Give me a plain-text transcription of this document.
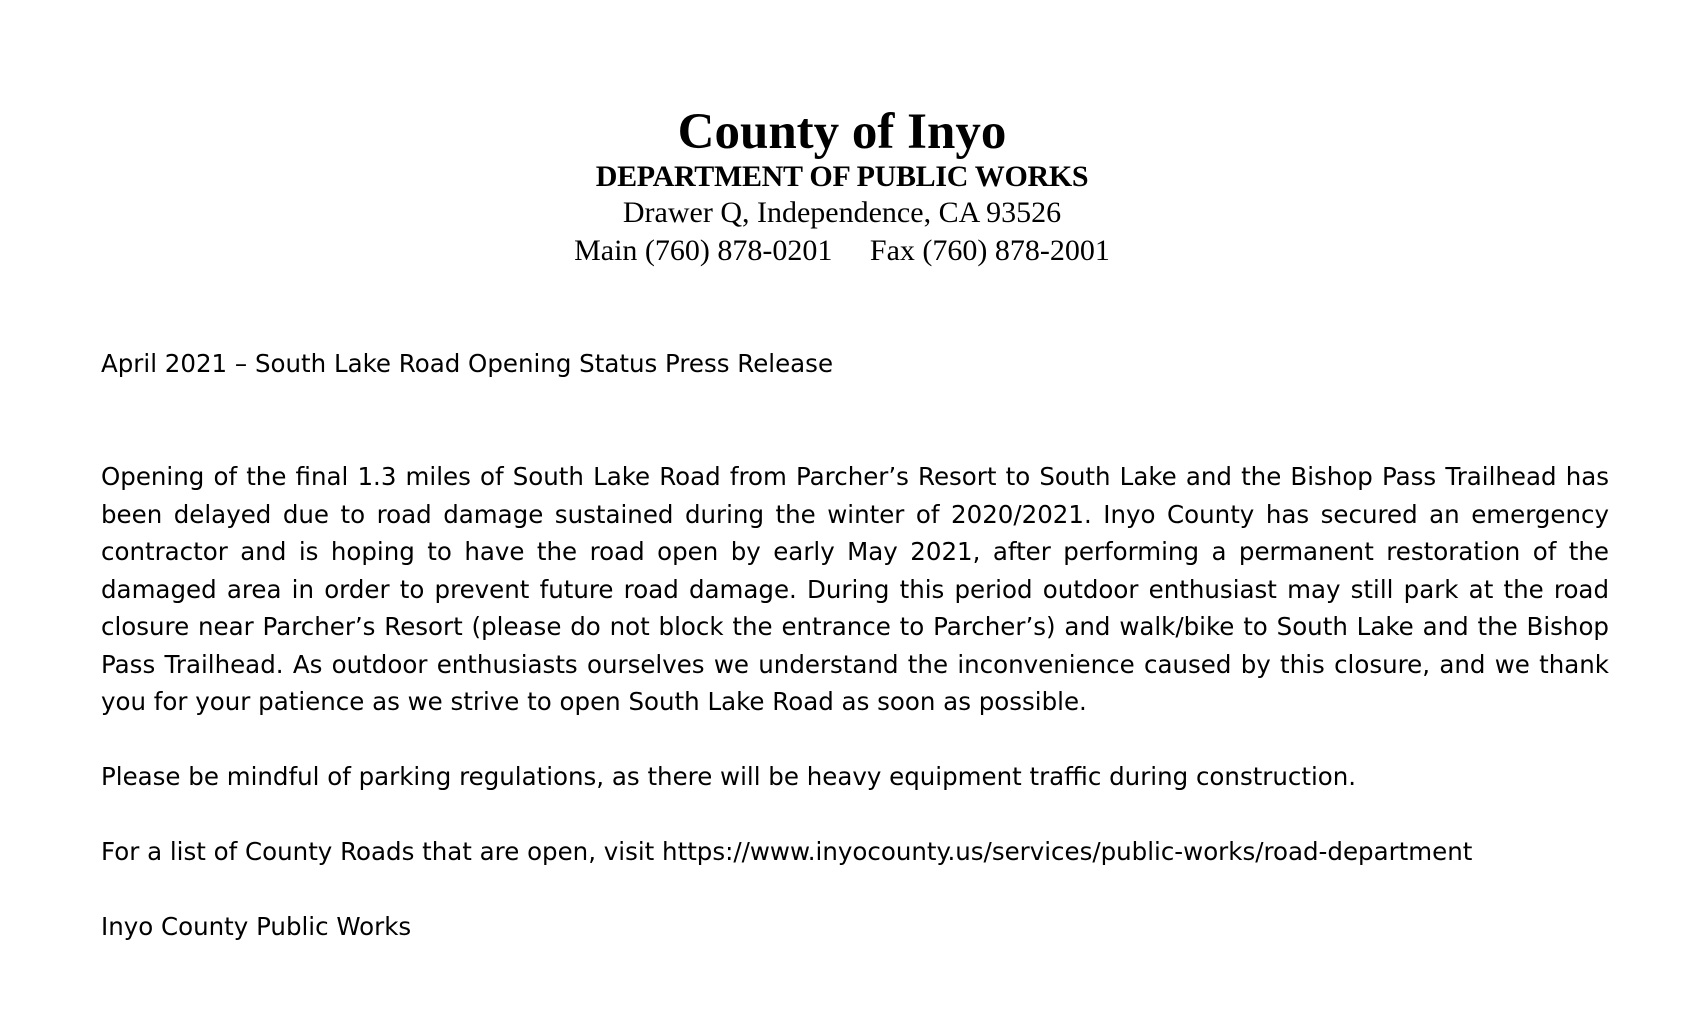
County of Inyo
DEPARTMENT OF PUBLIC WORKS
Drawer Q, Independence, CA 93526
Main (760) 878-0201 Fax (760) 878-2001
April 2021 – South Lake Road Opening Status Press Release
Opening of the final 1.3 miles of South Lake Road from Parcher’s Resort to South Lake and the Bishop Pass Trailhead has been delayed due to road damage sustained during the winter of 2020/2021. Inyo County has secured an emergency contractor and is hoping to have the road open by early May 2021, after performing a permanent restoration of the damaged area in order to prevent future road damage. During this period outdoor enthusiast may still park at the road closure near Parcher’s Resort (please do not block the entrance to Parcher’s) and walk/bike to South Lake and the Bishop Pass Trailhead. As outdoor enthusiasts ourselves we understand the inconvenience caused by this closure, and we thank you for your patience as we strive to open South Lake Road as soon as possible.
Please be mindful of parking regulations, as there will be heavy equipment traffic during construction.
For a list of County Roads that are open, visit https://www.inyocounty.us/services/public-works/road-department
Inyo County Public Works
